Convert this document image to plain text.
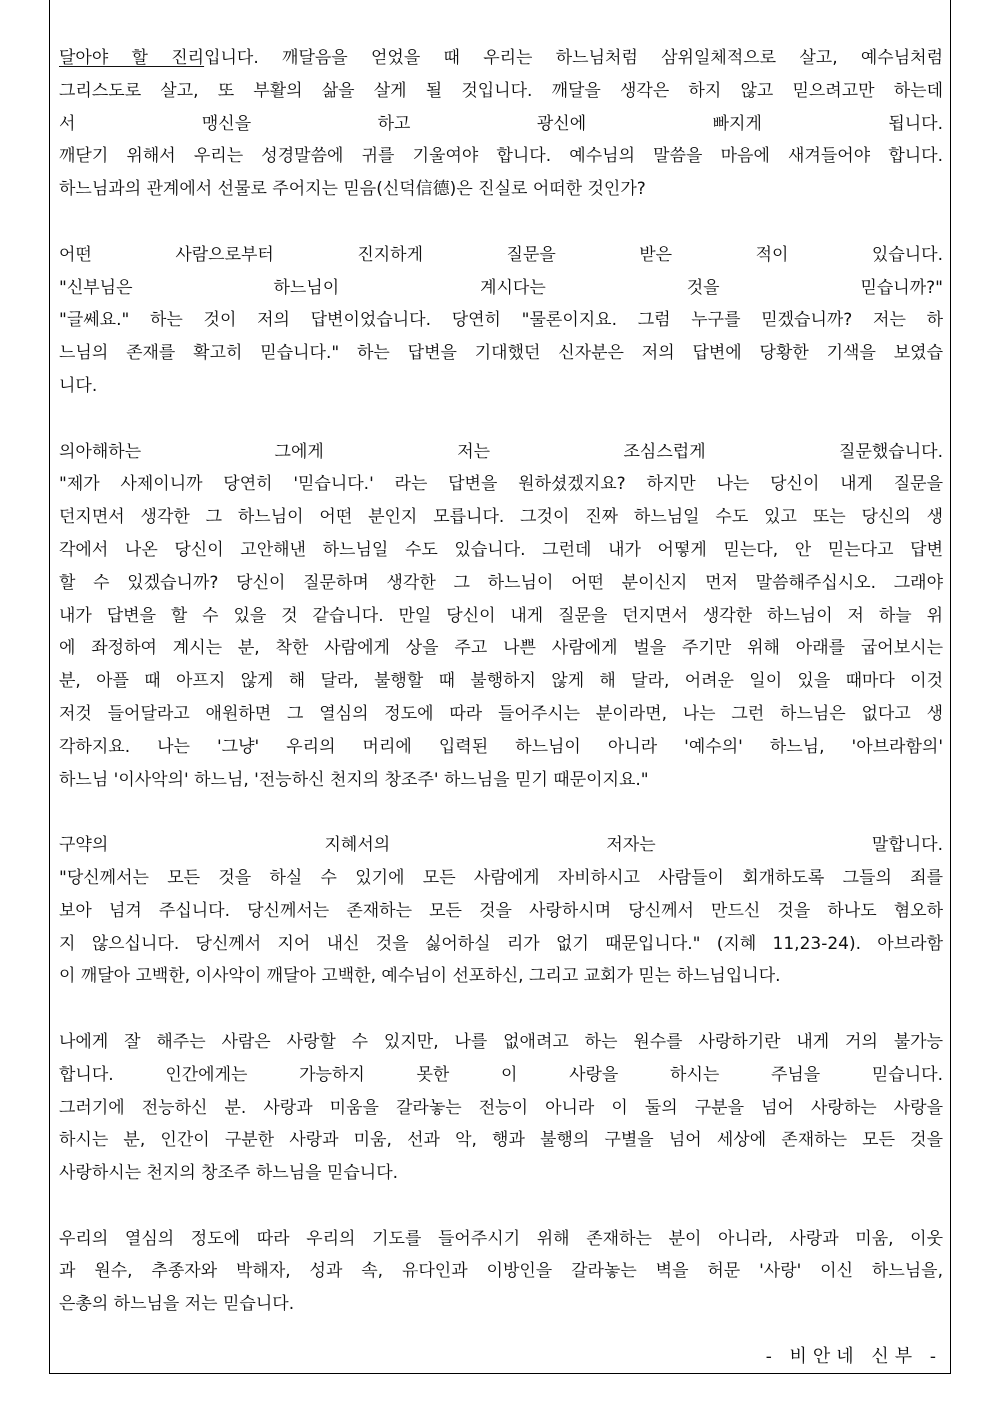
달아야 할 진리입니다. 깨달음을 얻었을 때 우리는 하느님처럼 삼위일체적으로 살고, 예수님처럼
그리스도로 살고, 또 부활의 삶을 살게 될 것입니다. 깨달을 생각은 하지 않고 믿으려고만 하는데
서 맹신을 하고 광신에 빠지게 됩니다.
깨닫기 위해서 우리는 성경말씀에 귀를 기울여야 합니다. 예수님의 말씀을 마음에 새겨들어야 합니다.
하느님과의 관계에서 선물로 주어지는 믿음(신덕信德)은 진실로 어떠한 것인가?
어떤 사람으로부터 진지하게 질문을 받은 적이 있습니다.
"신부님은 하느님이 계시다는 것을 믿습니까?"
"글쎄요." 하는 것이 저의 답변이었습니다. 당연히 "물론이지요. 그럼 누구를 믿겠습니까? 저는 하
느님의 존재를 확고히 믿습니다." 하는 답변을 기대했던 신자분은 저의 답변에 당황한 기색을 보였습
니다.
의아해하는 그에게 저는 조심스럽게 질문했습니다.
"제가 사제이니까 당연히 '믿습니다.' 라는 답변을 원하셨겠지요? 하지만 나는 당신이 내게 질문을
던지면서 생각한 그 하느님이 어떤 분인지 모릅니다. 그것이 진짜 하느님일 수도 있고 또는 당신의 생
각에서 나온 당신이 고안해낸 하느님일 수도 있습니다. 그런데 내가 어떻게 믿는다, 안 믿는다고 답변
할 수 있겠습니까? 당신이 질문하며 생각한 그 하느님이 어떤 분이신지 먼저 말씀해주십시오. 그래야
내가 답변을 할 수 있을 것 같습니다. 만일 당신이 내게 질문을 던지면서 생각한 하느님이 저 하늘 위
에 좌정하여 계시는 분, 착한 사람에게 상을 주고 나쁜 사람에게 벌을 주기만 위해 아래를 굽어보시는
분, 아플 때 아프지 않게 해 달라, 불행할 때 불행하지 않게 해 달라, 어려운 일이 있을 때마다 이것
저것 들어달라고 애원하면 그 열심의 정도에 따라 들어주시는 분이라면, 나는 그런 하느님은 없다고 생
각하지요. 나는 '그냥' 우리의 머리에 입력된 하느님이 아니라 '예수의' 하느님, '아브라함의'
하느님 '이사악의' 하느님, '전능하신 천지의 창조주' 하느님을 믿기 때문이지요."
구약의 지혜서의 저자는 말합니다.
"당신께서는 모든 것을 하실 수 있기에 모든 사람에게 자비하시고 사람들이 회개하도록 그들의 죄를
보아 넘겨 주십니다. 당신께서는 존재하는 모든 것을 사랑하시며 당신께서 만드신 것을 하나도 혐오하
지 않으십니다. 당신께서 지어 내신 것을 싫어하실 리가 없기 때문입니다." (지혜 11,23-24). 아브라함
이 깨달아 고백한, 이사악이 깨달아 고백한, 예수님이 선포하신, 그리고 교회가 믿는 하느님입니다.
나에게 잘 해주는 사람은 사랑할 수 있지만, 나를 없애려고 하는 원수를 사랑하기란 내게 거의 불가능
합니다. 인간에게는 가능하지 못한 이 사랑을 하시는 주님을 믿습니다.
그러기에 전능하신 분. 사랑과 미움을 갈라놓는 전능이 아니라 이 둘의 구분을 넘어 사랑하는 사랑을
하시는 분, 인간이 구분한 사랑과 미움, 선과 악, 행과 불행의 구별을 넘어 세상에 존재하는 모든 것을
사랑하시는 천지의 창조주 하느님을 믿습니다.
우리의 열심의 정도에 따라 우리의 기도를 들어주시기 위해 존재하는 분이 아니라, 사랑과 미움, 이웃
과 원수, 추종자와 박해자, 성과 속, 유다인과 이방인을 갈라놓는 벽을 허문 '사랑' 이신 하느님을,
은총의 하느님을 저는 믿습니다.
- 비안네 신부 -
